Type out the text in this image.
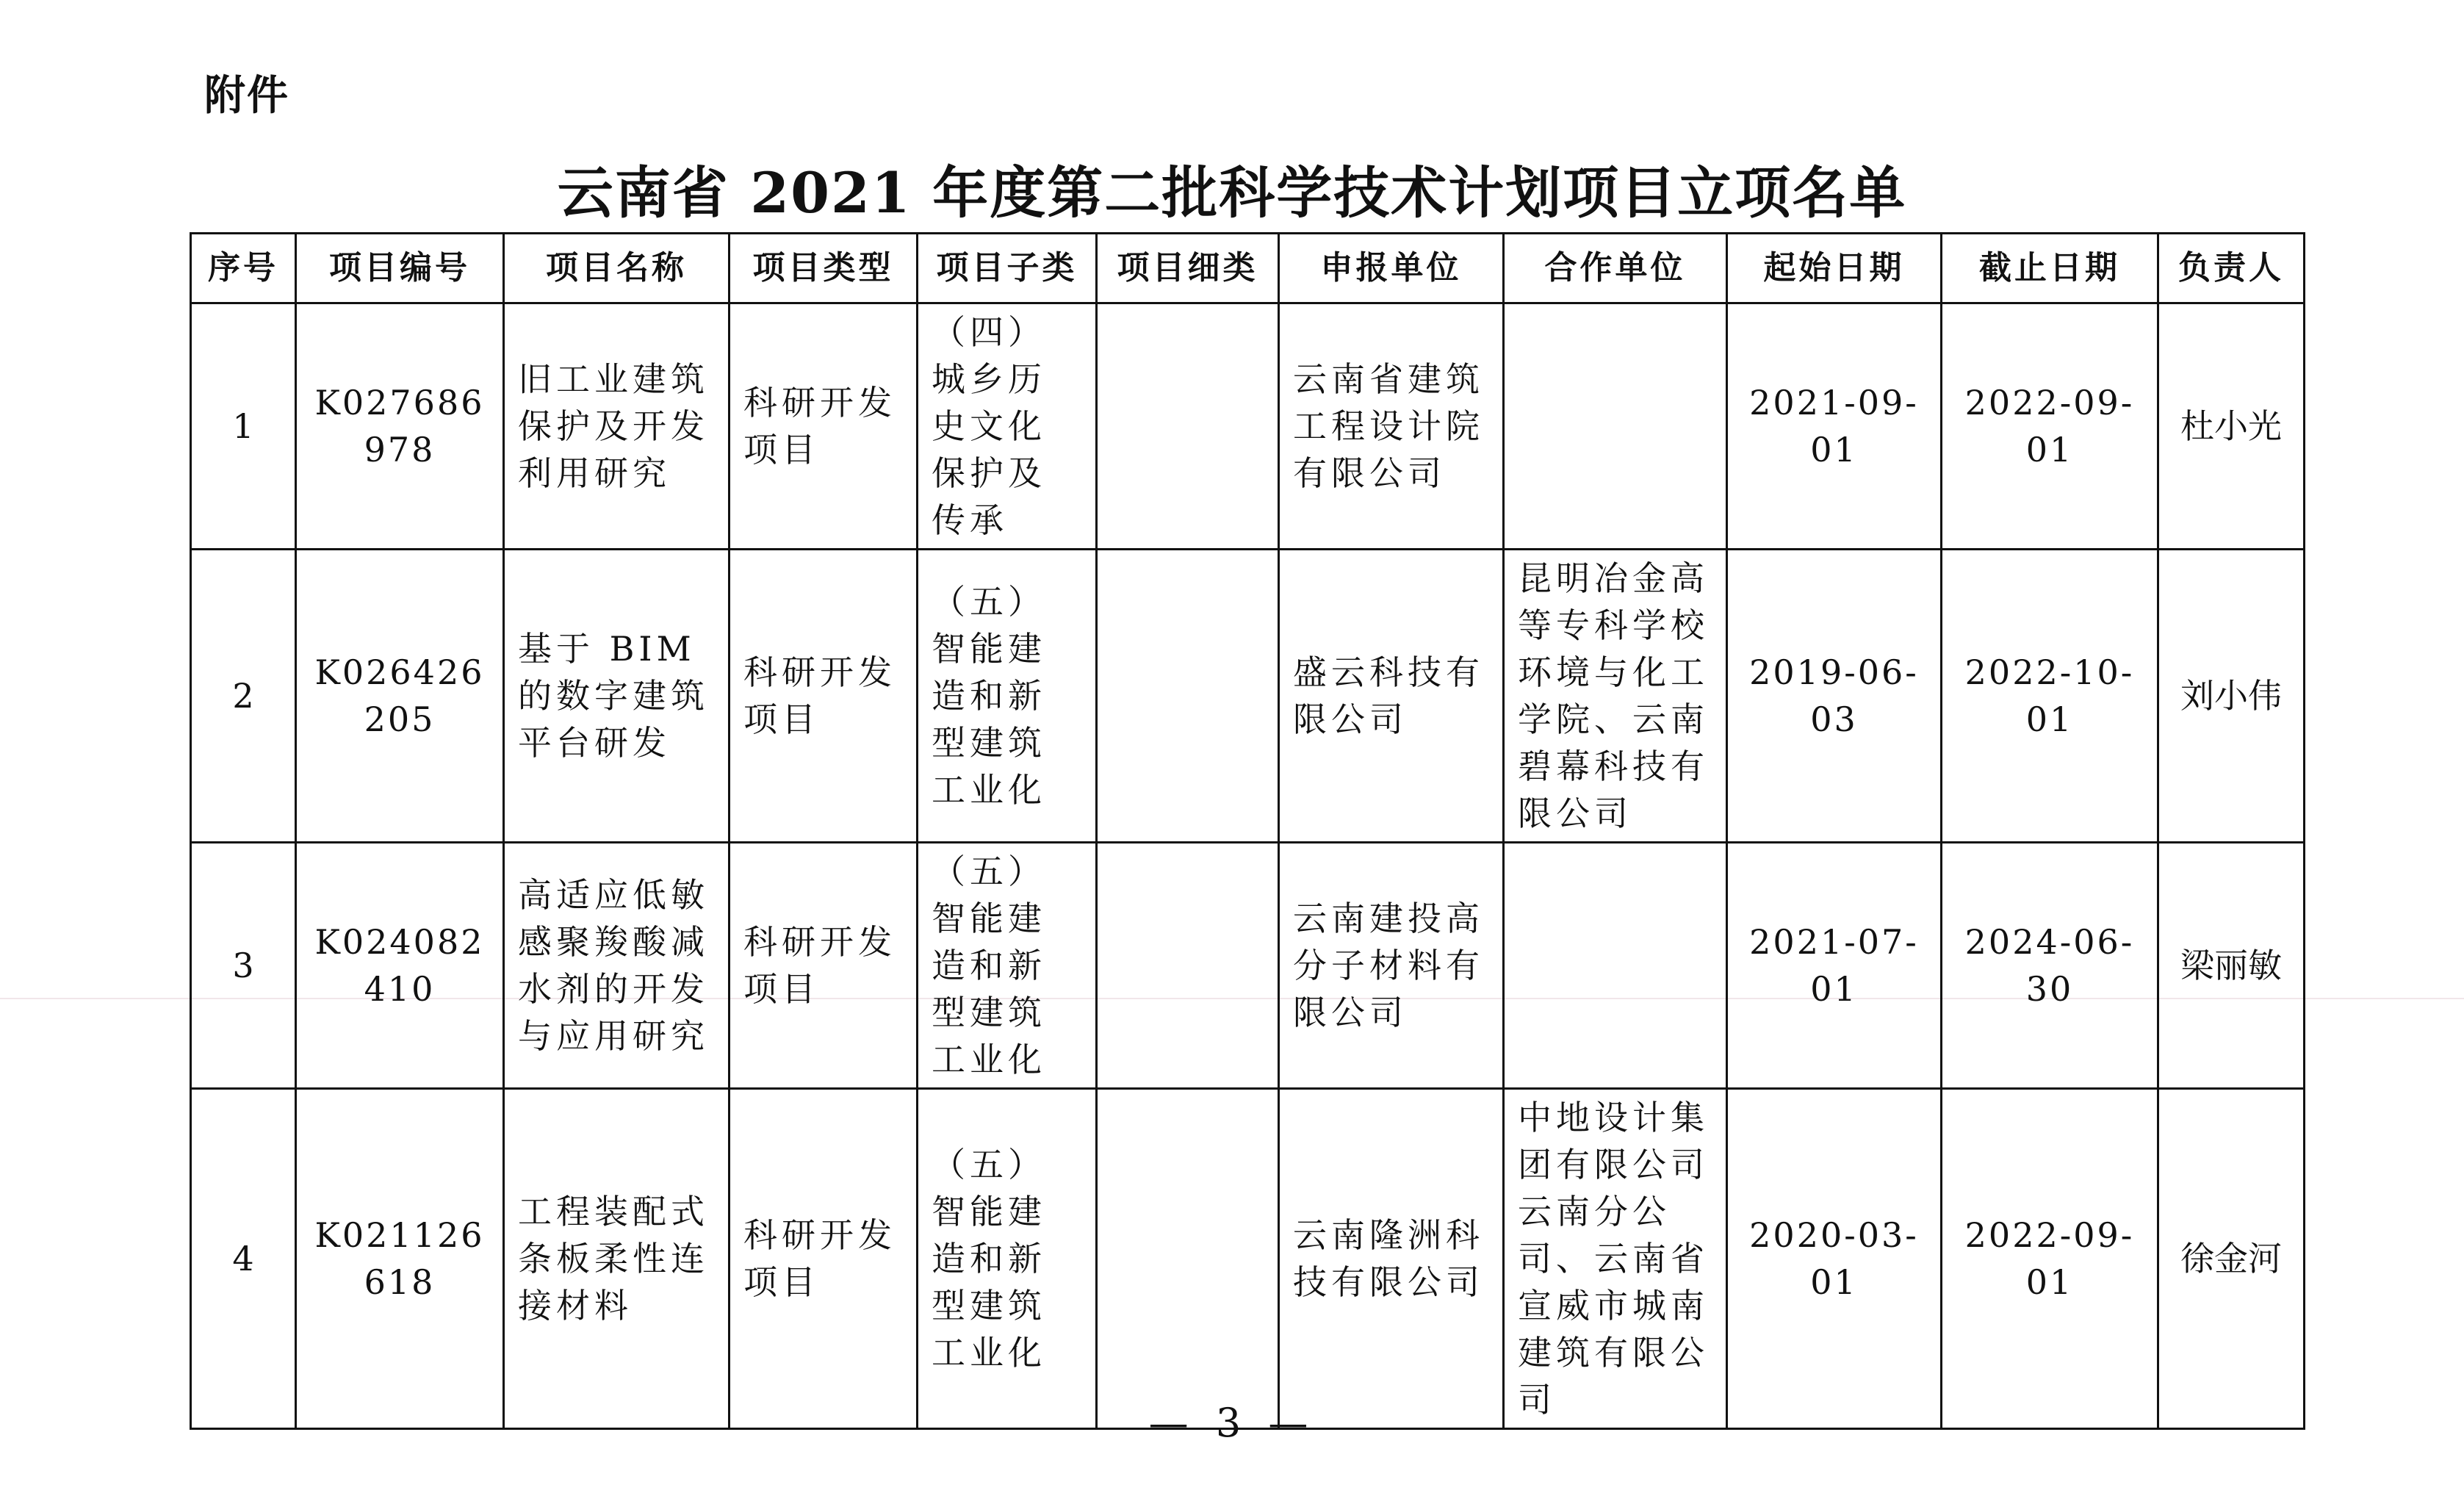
附件
云南省 2021 年度第二批科学技术计划项目立项名单
序号	项目编号	项目名称	项目类型	项目子类	项目细类	申报单位	合作单位	起始日期	截止日期	负责人
1	K027686978	旧工业建筑保护及开发利用研究	科研开发项目	（四）城乡历史文化保护及传承		云南省建筑工程设计院有限公司		2021-09-01	2022-09-01	杜小光
2	K026426205	基于 BIM 的数字建筑平台研发	科研开发项目	（五）智能建造和新型建筑工业化		盛云科技有限公司	昆明冶金高等专科学校环境与化工学院、云南碧幕科技有限公司	2019-06-03	2022-10-01	刘小伟
3	K024082410	高适应低敏感聚羧酸减水剂的开发与应用研究	科研开发项目	（五）智能建造和新型建筑工业化		云南建投高分子材料有限公司		2021-07-01	2024-06-30	梁丽敏
4	K021126618	工程装配式条板柔性连接材料	科研开发项目	（五）智能建造和新型建筑工业化		云南隆洲科技有限公司	中地设计集团有限公司云南分公司、云南省宣威市城南建筑有限公司	2020-03-01	2022-09-01	徐金河
— 3 —
